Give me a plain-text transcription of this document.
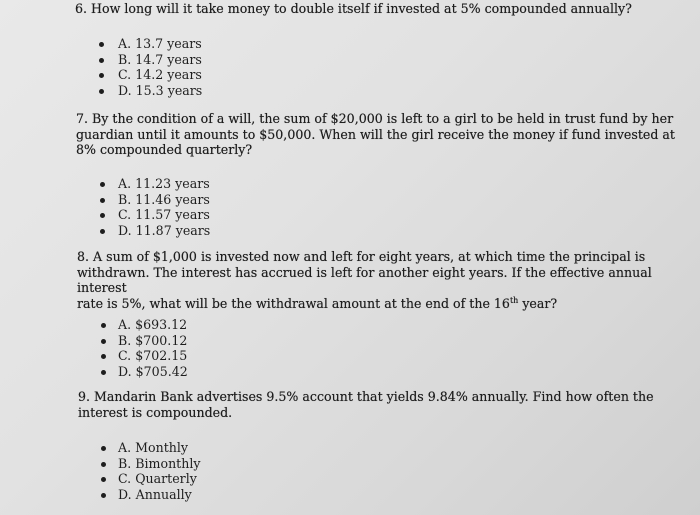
6. How long will it take money to double itself if invested at 5% compounded annually?

A. 13.7 years
B. 14.7 years
C. 14.2 years
D. 15.3 years

7. By the condition of a will, the sum of $20,000 is left to a girl to be held in trust fund by her
guardian until it amounts to $50,000. When will the girl receive the money if fund invested at
8% compounded quarterly?

A. 11.23 years
B. 11.46 years
C. 11.57 years
D. 11.87 years

8. A sum of $1,000 is invested now and left for eight years, at which time the principal is
withdrawn. The interest has accrued is left for another eight years. If the effective annual interest
rate is 5%, what will be the withdrawal amount at the end of the 16th year?

A. $693.12
B. $700.12
C. $702.15
D. $705.42

9. Mandarin Bank advertises 9.5% account that yields 9.84% annually. Find how often the
interest is compounded.

A. Monthly
B. Bimonthly
C. Quarterly
D. Annually
